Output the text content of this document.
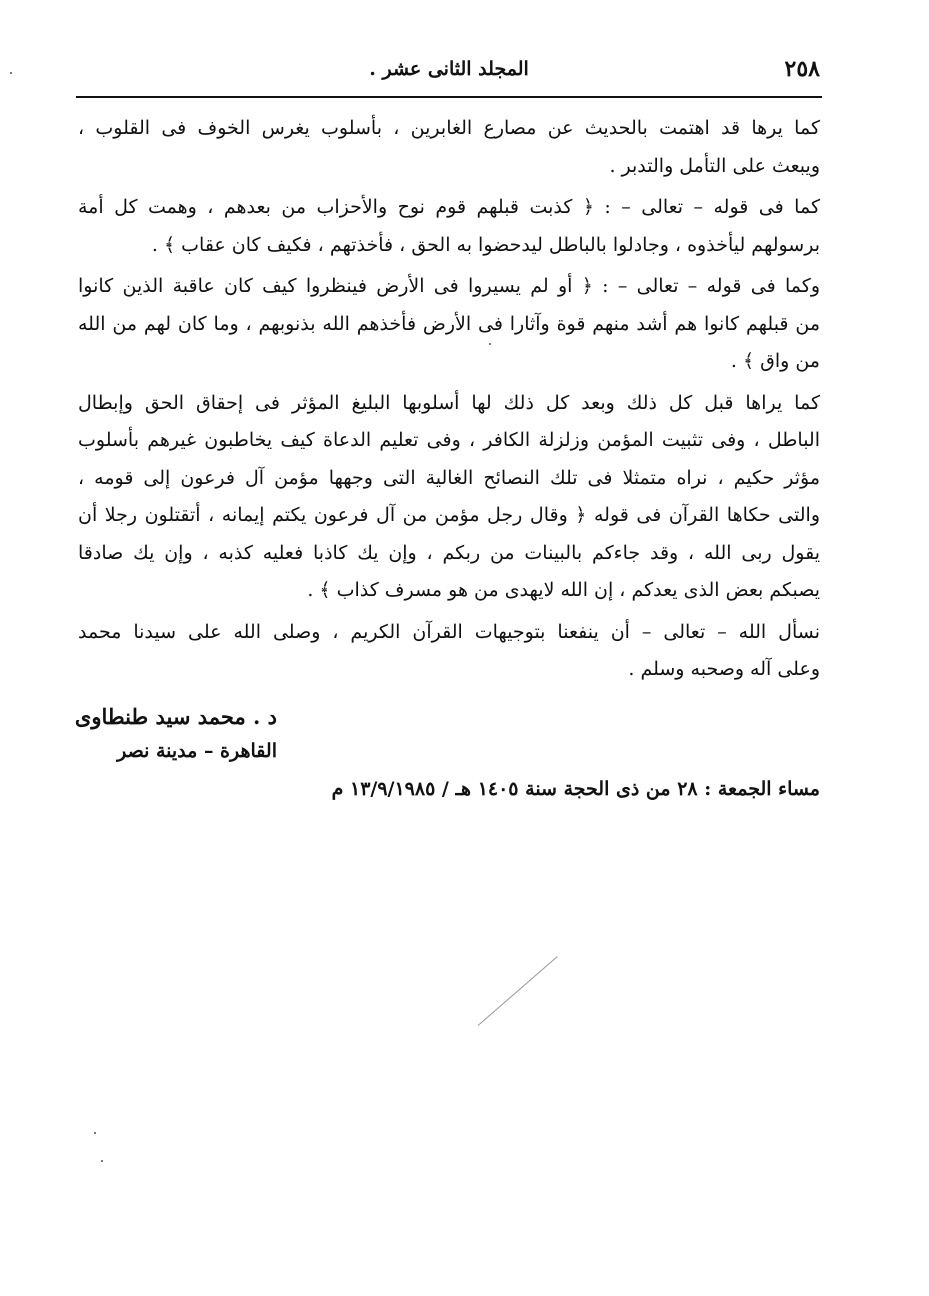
٢٥٨
المجلد الثانى عشر .
كما يرها قد اهتمت بالحديث عن مصارع الغابرين ، بأسلوب يغرس الخوف فى القلوب ،
ويبعث على التأمل والتدبر .
كما فى قوله – تعالى – : ﴿ كذبت قبلهم قوم نوح والأحزاب من بعدهم ، وهمت كل أمة
برسولهم ليأخذوه ، وجادلوا بالباطل ليدحضوا به الحق ، فأخذتهم ، فكيف كان عقاب ﴾ .
وكما فى قوله – تعالى – : ﴿ أو لم يسيروا فى الأرض فينظروا كيف كان عاقبة الذين كانوا
من قبلهم كانوا هم أشد منهم قوة وآثارا فى الأرض فأخذهم الله بذنوبهم ، وما كان لهم من الله
من واق ﴾ .
كما يراها قبل كل ذلك وبعد كل ذلك لها أسلوبها البليغ المؤثر فى إحقاق الحق وإبطال
الباطل ، وفى تثبيت المؤمن وزلزلة الكافر ، وفى تعليم الدعاة كيف يخاطبون غيرهم بأسلوب
مؤثر حكيم ، نراه متمثلا فى تلك النصائح الغالية التى وجهها مؤمن آل فرعون إلى قومه ،
والتى حكاها القرآن فى قوله ﴿ وقال رجل مؤمن من آل فرعون يكتم إيمانه ، أتقتلون رجلا أن
يقول ربى الله ، وقد جاءكم بالبينات من ربكم ، وإن يك كاذبا فعليه كذبه ، وإن يك صادقا
يصبكم بعض الذى يعدكم ، إن الله لايهدى من هو مسرف كذاب ﴾ .
نسأل الله – تعالى – أن ينفعنا بتوجيهات القرآن الكريم ، وصلى الله على سيدنا محمد
وعلى آله وصحبه وسلم .
د . محمد سيد طنطاوى
القاهرة – مدينة نصر
مساء الجمعة : ٢٨ من ذى الحجة سنة ١٤٠٥ هـ / ١٣/٩/١٩٨٥ م
